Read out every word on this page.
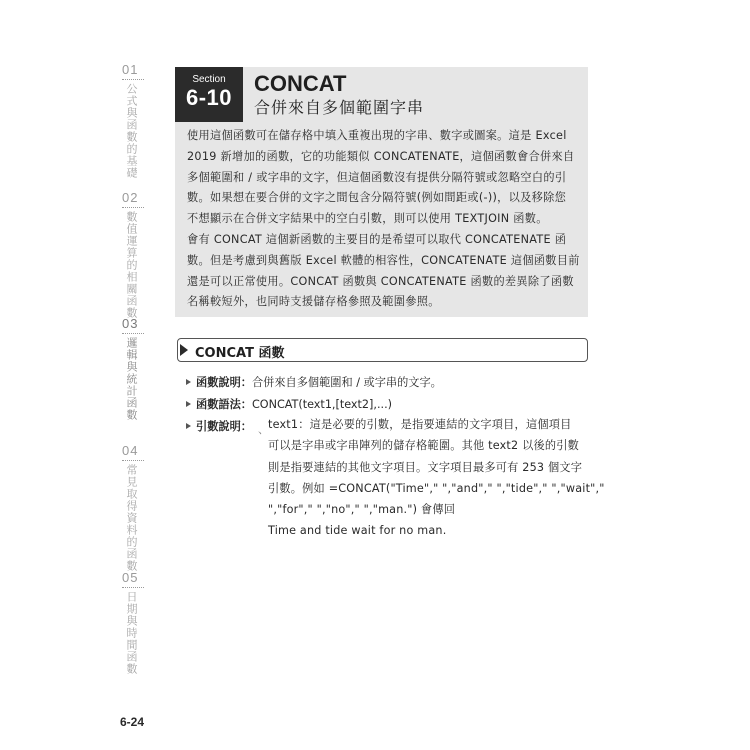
01
公式與函數的基礎
02
數值運算的相關函數
03
邏輯與統計函數
04
常見取得資料的函數
05
日期與時間函數
Section
6-10
CONCAT
合併來自多個範圍字串

使用這個函數可在儲存格中填入重複出現的字串、數字或圖案。這是 Excel

2019 新增加的函數，它的功能類似 CONCATENATE，這個函數會合併來自

多個範圍和 / 或字串的文字，但這個函數沒有提供分隔符號或忽略空白的引

數。如果想在要合併的文字之間包含分隔符號(例如間距或(-))，以及移除您

不想顯示在合併文字結果中的空白引數，則可以使用 TEXTJOIN 函數。

會有 CONCAT 這個新函數的主要目的是希望可以取代 CONCATENATE 函

數。但是考慮到與舊版 Excel 軟體的相容性，CONCATENATE 這個函數目前

還是可以正常使用。CONCAT 函數與 CONCATENATE 函數的差異除了函數

名稱較短外，也同時支援儲存格參照及範圍參照。

CONCAT 函數
函數說明：合併來自多個範圍和 / 或字串的文字。
函數語法：CONCAT(text1,[text2],...)
引數說明： 、 text1：這是必要的引數，是指要連結的文字項目，這個項目

可以是字串或字串陣列的儲存格範圍。其他 text2 以後的引數

則是指要連結的其他文字項目。文字項目最多可有 253 個文字

引數。例如 =CONCAT("Time"," ","and"," ","tide"," ","wait","

","for"," ","no"," ","man.") 會傳回

Time and tide wait for no man.

6-24
